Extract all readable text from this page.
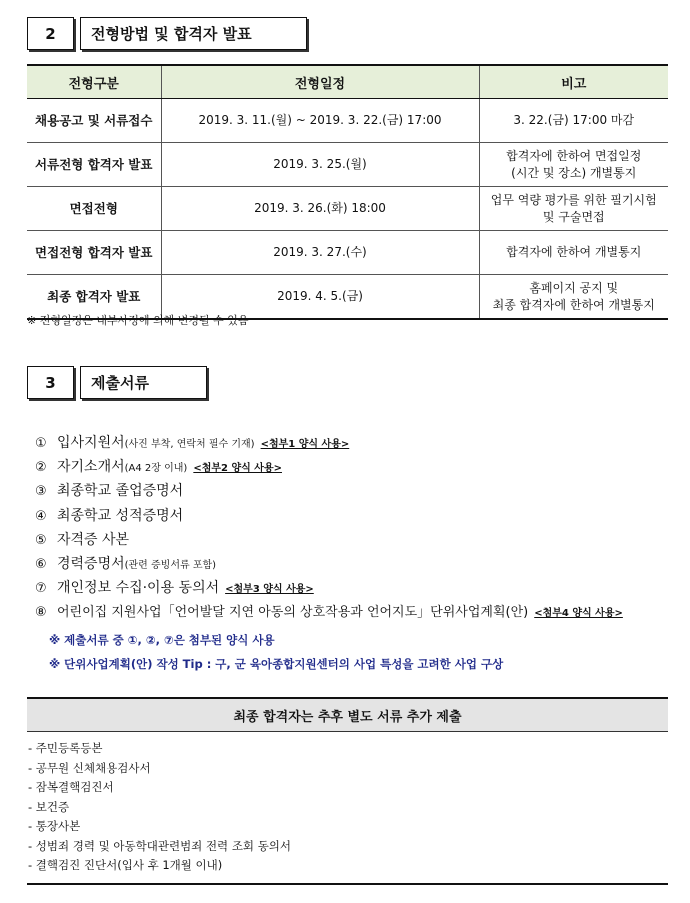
2	전형방법 및 합격자 발표
전형구분	전형일정	비고
채용공고 및 서류접수	2019. 3. 11.(월) ~ 2019. 3. 22.(금) 17:00	3. 22.(금) 17:00 마감

서류전형 합격자 발표	2019. 3. 25.(월)	합격자에 한하여 면접일정
(시간 및 장소) 개별통지

면접전형	2019. 3. 26.(화) 18:00	업무 역량 평가를 위한 필기시험
및 구술면접

면접전형 합격자 발표	2019. 3. 27.(수)	합격자에 한하여 개별통지

최종 합격자 발표	2019. 4. 5.(금)	홈페이지 공지 및
최종 합격자에 한하여 개별통지
※ 전형일정은 내부사정에 의해 변경될 수 있음
3	제출서류
① 입사지원서 (사진 부착, 연락처 필수 기재) <첨부1 양식 사용>
② 자기소개서 (A4 2장 이내) <첨부2 양식 사용>
③ 최종학교 졸업증명서
④ 최종학교 성적증명서
⑤ 자격증 사본
⑥ 경력증명서 (관련 증빙서류 포함)
⑦ 개인정보 수집·이용 동의서 <첨부3 양식 사용>
⑧ 어린이집 지원사업「언어발달 지연 아동의 상호작용과 언어지도」단위사업계획(안) <첨부4 양식 사용>
※ 제출서류 중 ①, ②, ⑦은 첨부된 양식 사용
※ 단위사업계획(안) 작성 Tip : 구, 군 육아종합지원센터의 사업 특성을 고려한 사업 구상
최종 합격자는 추후 별도 서류 추가 제출
- 주민등록등본
- 공무원 신체채용검사서
- 잠복결핵검진서
- 보건증
- 통장사본
- 성범죄 경력 및 아동학대관련범죄 전력 조회 동의서
- 결핵검진 진단서(입사 후 1개월 이내)
